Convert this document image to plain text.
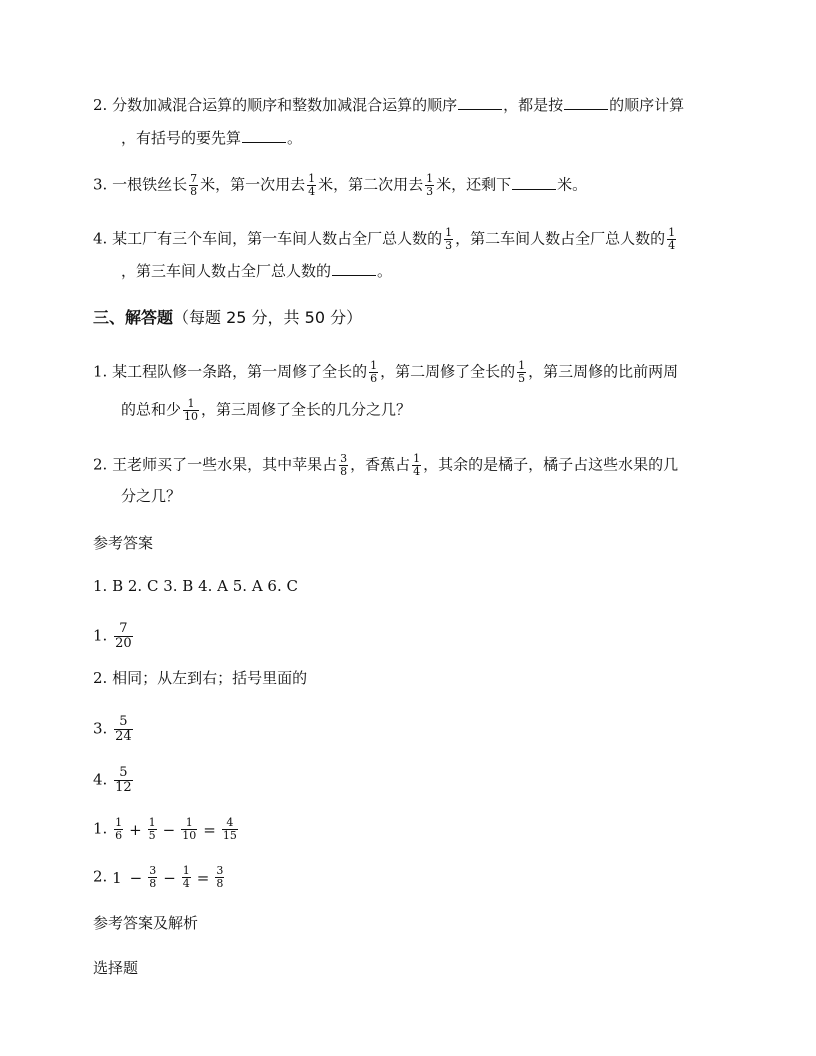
2. 分数加减混合运算的顺序和整数加减混合运算的顺序	，都是按	的顺序计算
，有括号的要先算	。
3. 一根铁丝长 $\frac{7}{8}$ 米，第一次用去 $\frac{1}{4}$ 米，第二次用去 $\frac{1}{3}$ 米，还剩下	米。
4. 某工厂有三个车间，第一车间人数占全厂总人数的 $\frac{1}{3}$ ，第二车间人数占全厂总人数的 $\frac{1}{4}$
，第三车间人数占全厂总人数的	。
三、解答题（每题 25 分，共 50 分）
1. 某工程队修一条路，第一周修了全长的 $\frac{1}{6}$ ，第二周修了全长的 $\frac{1}{5}$ ，第三周修的比前两周
的总和少 $\frac{1}{10}$ ，第三周修了全长的几分之几？
2. 王老师买了一些水果，其中苹果占 $\frac{3}{8}$ ，香蕉占 $\frac{1}{4}$ ，其余的是橘子，橘子占这些水果的几
分之几？
参考答案
1. B 2. C 3. B 4. A 5. A 6. C
1. $\frac{7}{20}$
2. 相同；从左到右；括号里面的
3. $\frac{5}{24}$
4. $\frac{5}{12}$
1. $\frac{1}{6} + \frac{1}{5} - \frac{1}{10} = \frac{4}{15}$
2. $1 - \frac{3}{8} - \frac{1}{4} = \frac{3}{8}$
参考答案及解析
选择题
